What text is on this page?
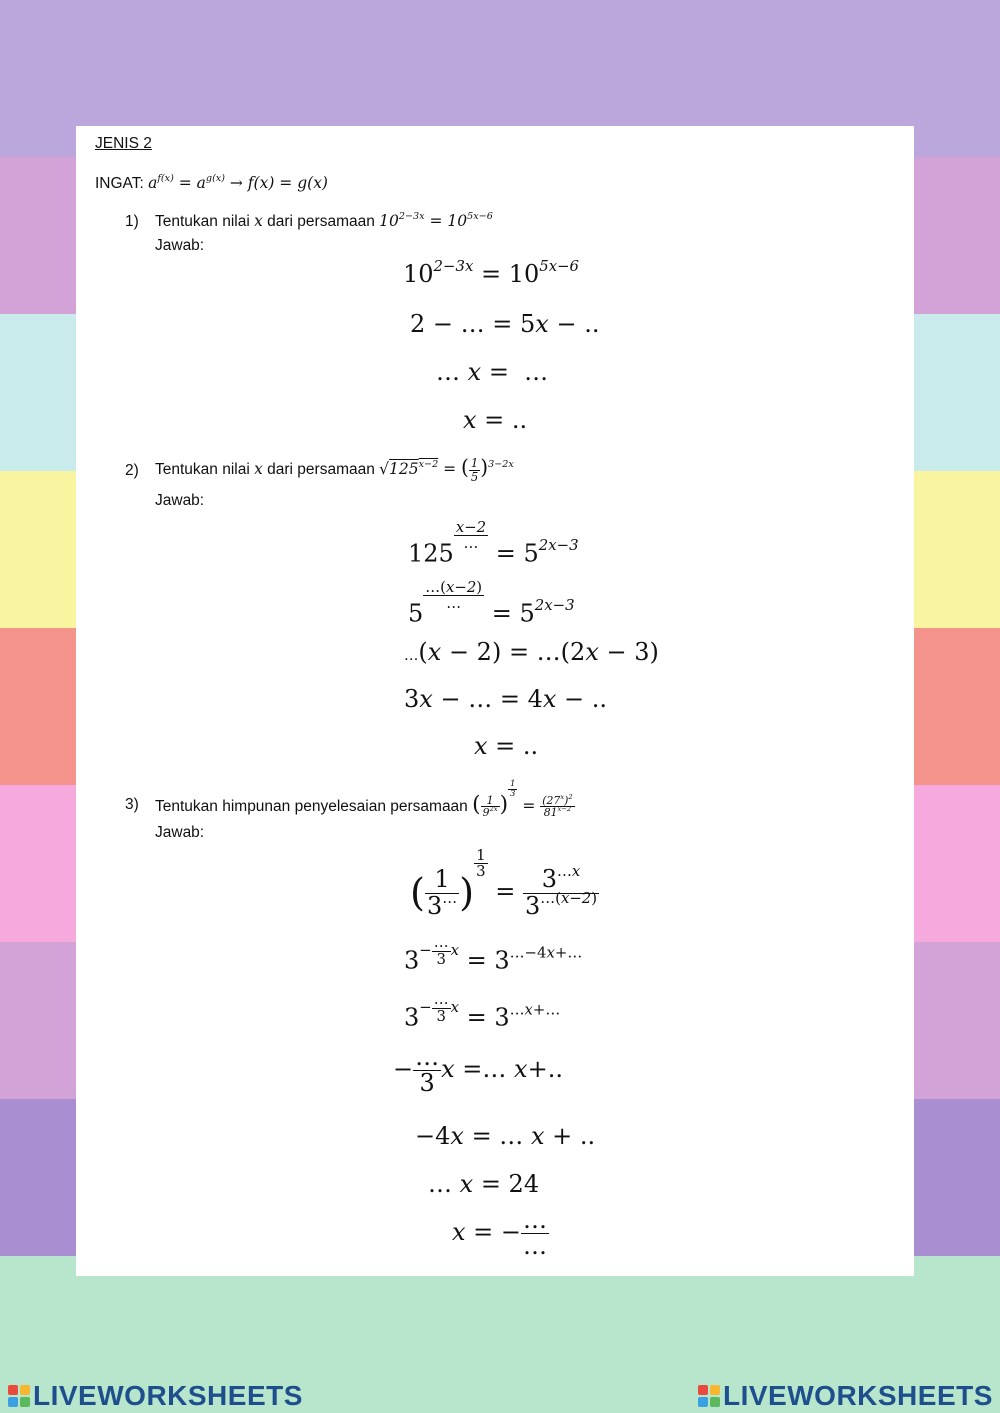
JENIS 2
INGAT: $a^{f(x)} = a^{g(x)} \to f(x) = g(x)$
1) Tentukan nilai x dari persamaan $10^{2-3x} = 10^{5x-6}$
Jawab:
$10^{2-3x} = 10^{5x-6}$
2 − … = 5x − ..
… x =  …
x = ..
2) Tentukan nilai x dari persamaan $√125^{x-2}$ = ( $\frac{1}{5} )^{3-2x}$
Jawab:
125
$\frac{x-2}{\dots}$
= $5^{2x-3}$
5
$\frac{\dots(x-2)}{\dots}$
= $5^{2x-3}$
…(x − 2) = …(2x − 3)
3x − … = 4x − ..
x = ..
3) Tentukan himpunan penyelesaian persamaan ( $\frac{1}{9^{2x}}$ )
$\frac{1}{3}$
= $\frac{(27^x)^2}{81^{x-2}}$
Jawab:
( $\frac{1}{3^\dots}$ )
$\frac{1}{3}$
= $\frac{3^{\dots x}}{3^{\dots(x-2)}}$
$3^{- \frac{\dots}{3} x} = 3^{\dots-4x+\dots}$
$3^{- \frac{\dots}{3} x} = 3^{\dots x+\dots}$
− $\frac{\dots}{3}$ x =… x+..
−4x = … x + ..
… x = 24
x = − $\frac{\dots}{\dots}$
LIVEWORKSHEETS	LIVEWORKSHEETS
